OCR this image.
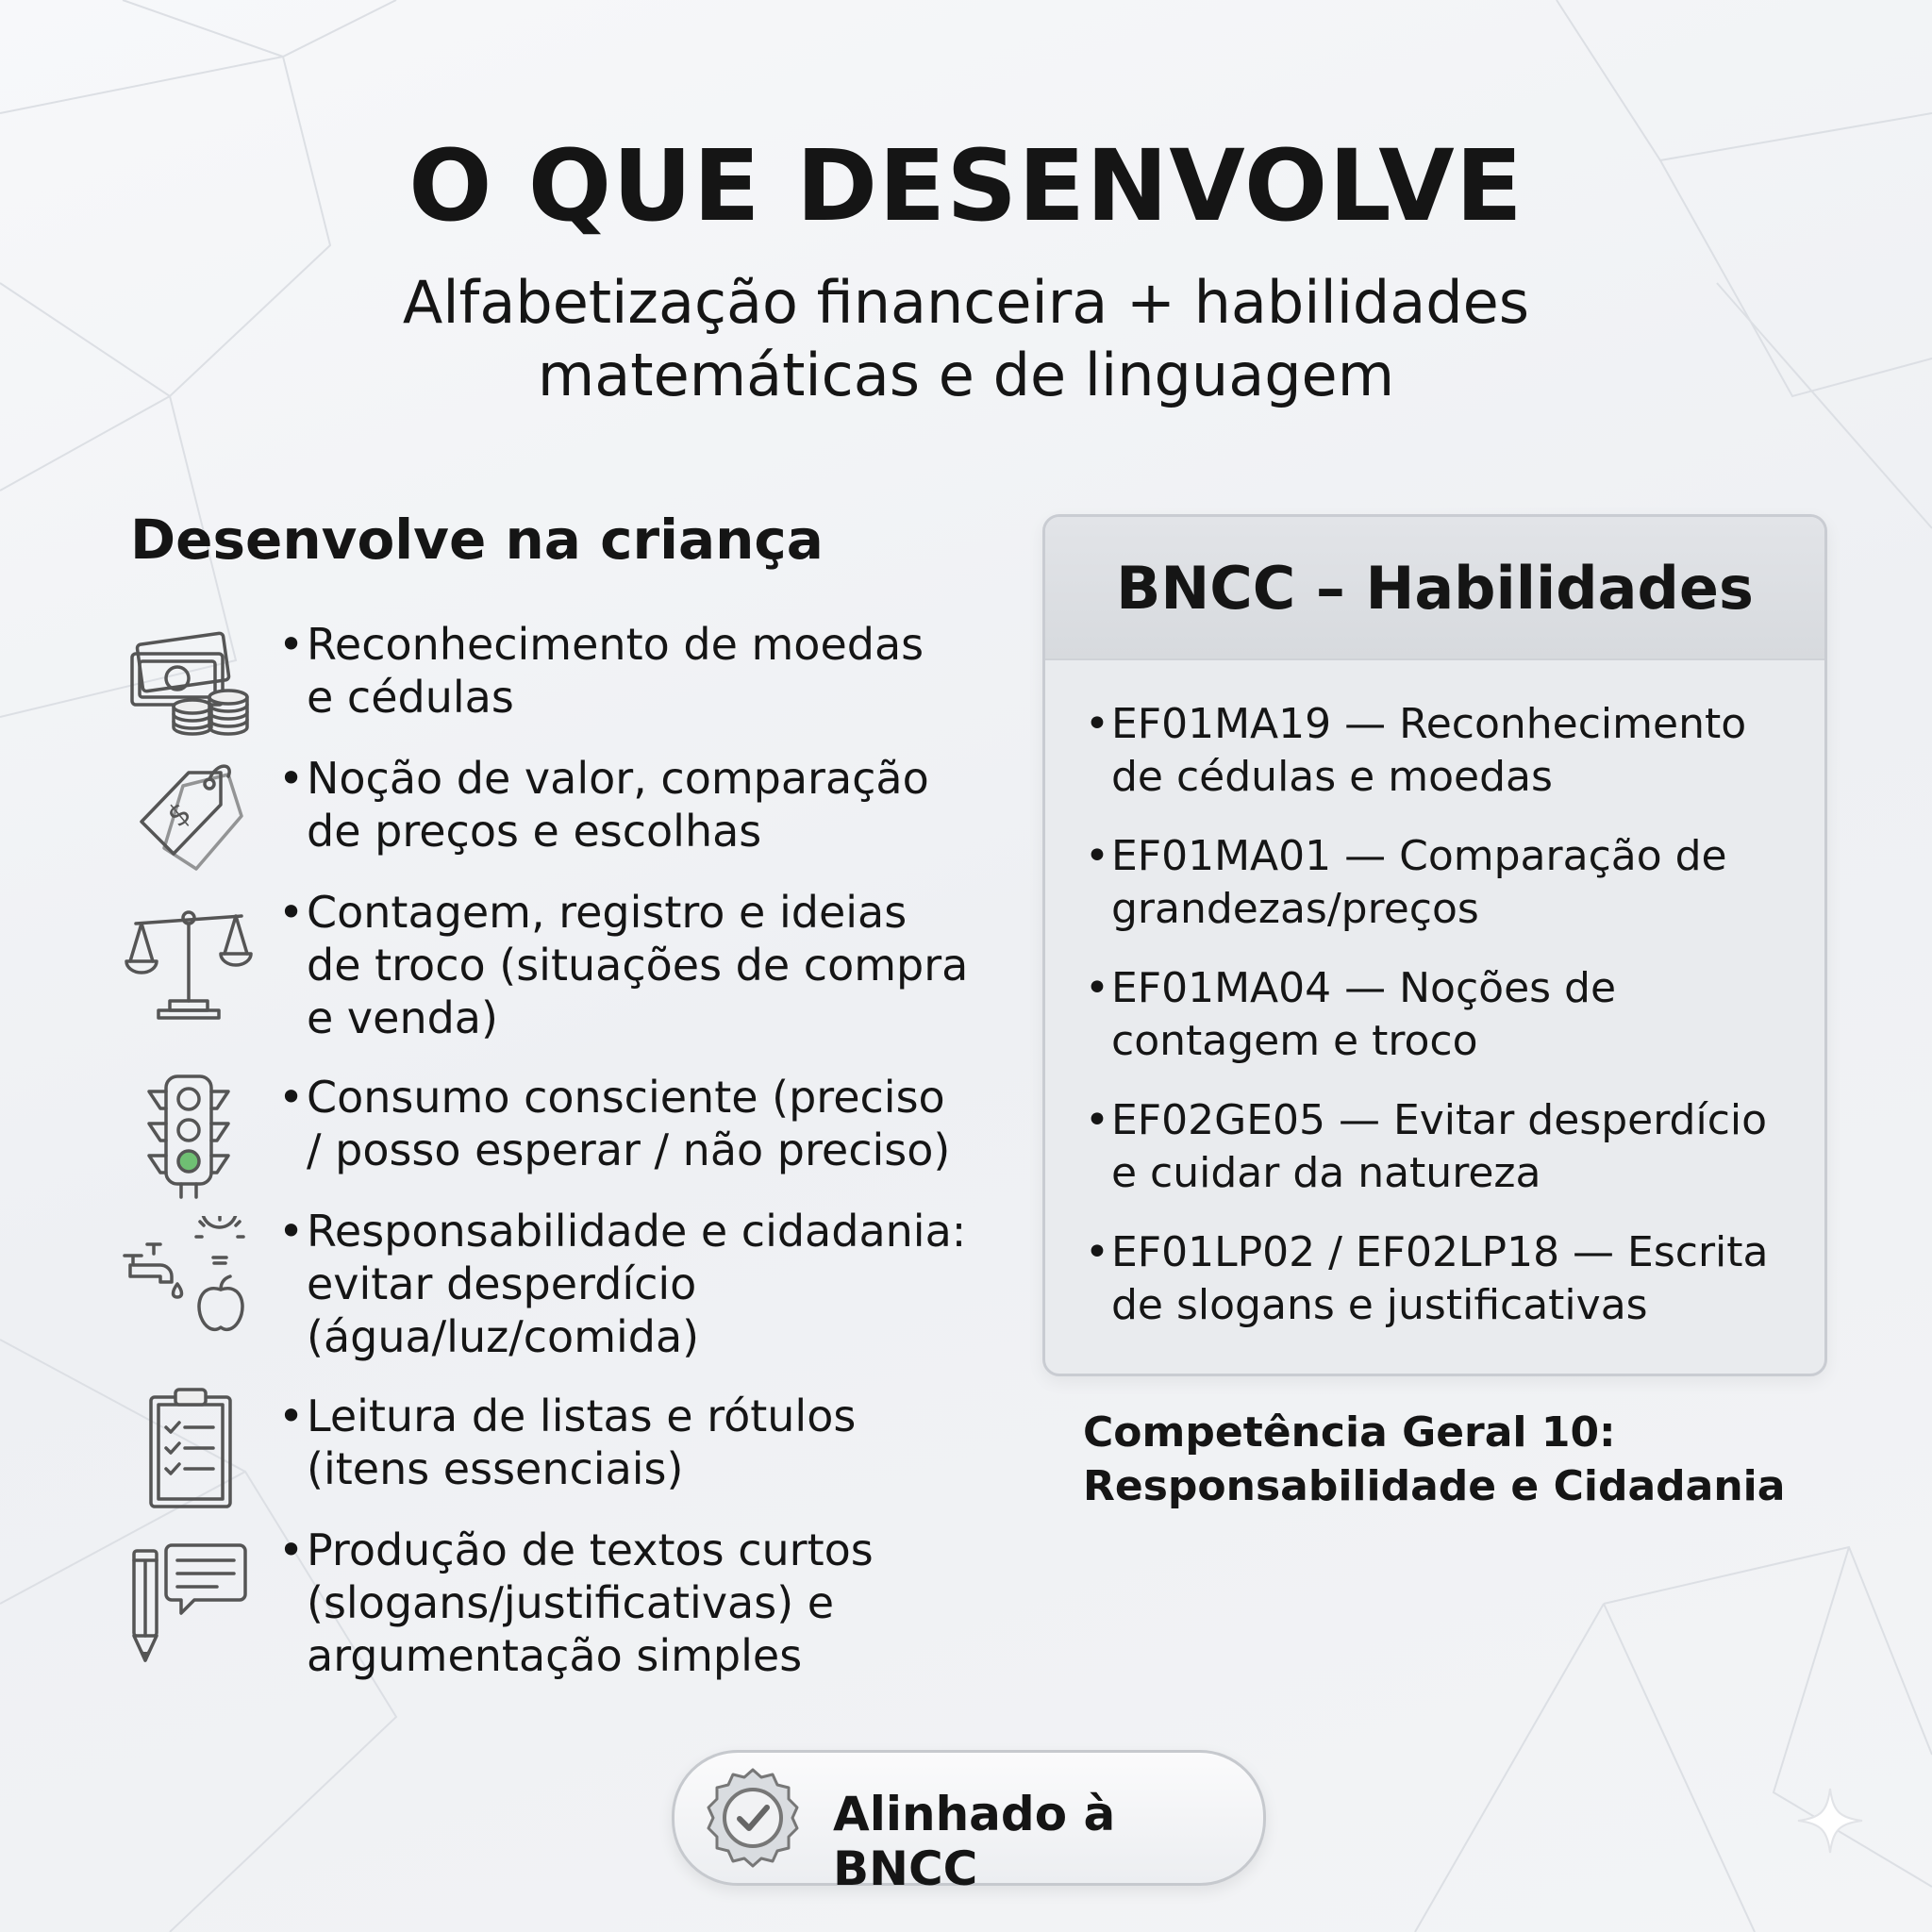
O QUE DESENVOLVE
Alfabetização financeira + habilidades
matemáticas e de linguagem
Desenvolve na criança
• Reconhecimento de moedas
e cédulas
$
• Noção de valor, comparação
de preços e escolhas
• Contagem, registro e ideias
de troco (situações de compra
e venda)
• Consumo consciente (preciso
/ posso esperar / não preciso)
• Responsabilidade e cidadania:
evitar desperdício
(água/luz/comida)
• Leitura de listas e rótulos
(itens essenciais)
• Produção de textos curtos
(slogans/justificativas) e
argumentação simples
BNCC – Habilidades
• EF01MA19 — Reconhecimento
de cédulas e moedas
• EF01MA01 — Comparação de
grandezas/preços
• EF01MA04 — Noções de
contagem e troco
• EF02GE05 — Evitar desperdício
e cuidar da natureza
• EF01LP02 / EF02LP18 — Escrita
de slogans e justificativas

Competência Geral 10:
Responsabilidade e Cidadania

Alinhado à BNCC
